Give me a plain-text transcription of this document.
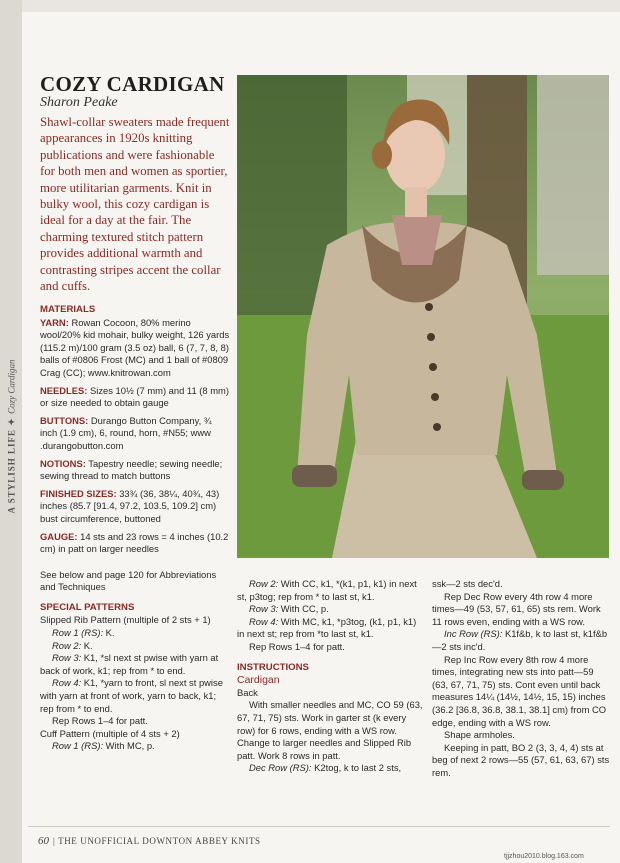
A STYLISH LIFE ✦ Cozy Cardigan
COZY CARDIGAN
Sharon Peake
Shawl-collar sweaters made frequent appearances in 1920s knitting publications and were fashionable for both men and women as sportier, more utilitarian garments. Knit in bulky wool, this cozy cardigan is ideal for a day at the fair. The charming textured stitch pattern provides additional warmth and contrasting stripes accent the collar and cuffs.

MATERIALS

YARN: Rowan Cocoon, 80% merino wool/20% kid mohair, bulky weight, 126 yards (115.2 m)/100 gram (3.5 oz) ball, 6 (7, 7, 8, 8) balls of #0806 Frost (MC) and 1 ball of #0809 Crag (CC); www.knitrowan.com

NEEDLES: Sizes 10½ (7 mm) and 11 (8 mm) or size needed to obtain gauge

BUTTONS: Durango Button Company, ¾ inch (1.9 cm), 6, round, horn, #N55; www .durangobutton.com

NOTIONS: Tapestry needle; sewing needle; sewing thread to match buttons

FINISHED SIZES: 33¾ (36, 38¼, 40¾, 43) inches (85.7 [91.4, 97.2, 103.5, 109.2] cm) bust circumference, buttoned

GAUGE: 14 sts and 23 rows = 4 inches (10.2 cm) in patt on larger needles

See below and page 120 for Abbreviations and Techniques

SPECIAL PATTERNS

Slipped Rib Pattern (multiple of 2 sts + 1)

Row 1 (RS): K.

Row 2: K.

Row 3: K1, *sl next st pwise with yarn at back of work, k1; rep from * to end.

Row 4: K1, *yarn to front, sl next st pwise with yarn at front of work, yarn to back, k1; rep from * to end.

Rep Rows 1–4 for patt.

Cuff Pattern (multiple of 4 sts + 2)

Row 1 (RS): With MC, p.

Row 2: With CC, k1, *(k1, p1, k1) in next st, p3tog; rep from * to last st, k1.

Row 3: With CC, p.

Row 4: With MC, k1, *p3tog, (k1, p1, k1) in next st; rep from *to last st, k1.

Rep Rows 1–4 for patt.

INSTRUCTIONS

Cardigan

Back

With smaller needles and MC, CO 59 (63, 67, 71, 75) sts. Work in garter st (k every row) for 6 rows, ending with a WS row. Change to larger needles and Slipped Rib patt. Work 8 rows in patt.

Dec Row (RS): K2tog, k to last 2 sts,

ssk—2 sts dec'd.

Rep Dec Row every 4th row 4 more times—49 (53, 57, 61, 65) sts rem. Work 11 rows even, ending with a WS row.

Inc Row (RS): K1f&b, k to last st, k1f&b—2 sts inc'd.

Rep Inc Row every 8th row 4 more times, integrating new sts into patt—59 (63, 67, 71, 75) sts. Cont even until back measures 14¼ (14½, 14½, 15, 15) inches (36.2 [36.8, 36.8, 38.1, 38.1] cm) from CO edge, ending with a WS row.

Shape armholes.

Keeping in patt, BO 2 (3, 3, 4, 4) sts at beg of next 2 rows—55 (57, 61, 63, 67) sts rem.

60 | THE UNOFFICIAL DOWNTON ABBEY KNITS
tjjzhou2010.blog.163.com
